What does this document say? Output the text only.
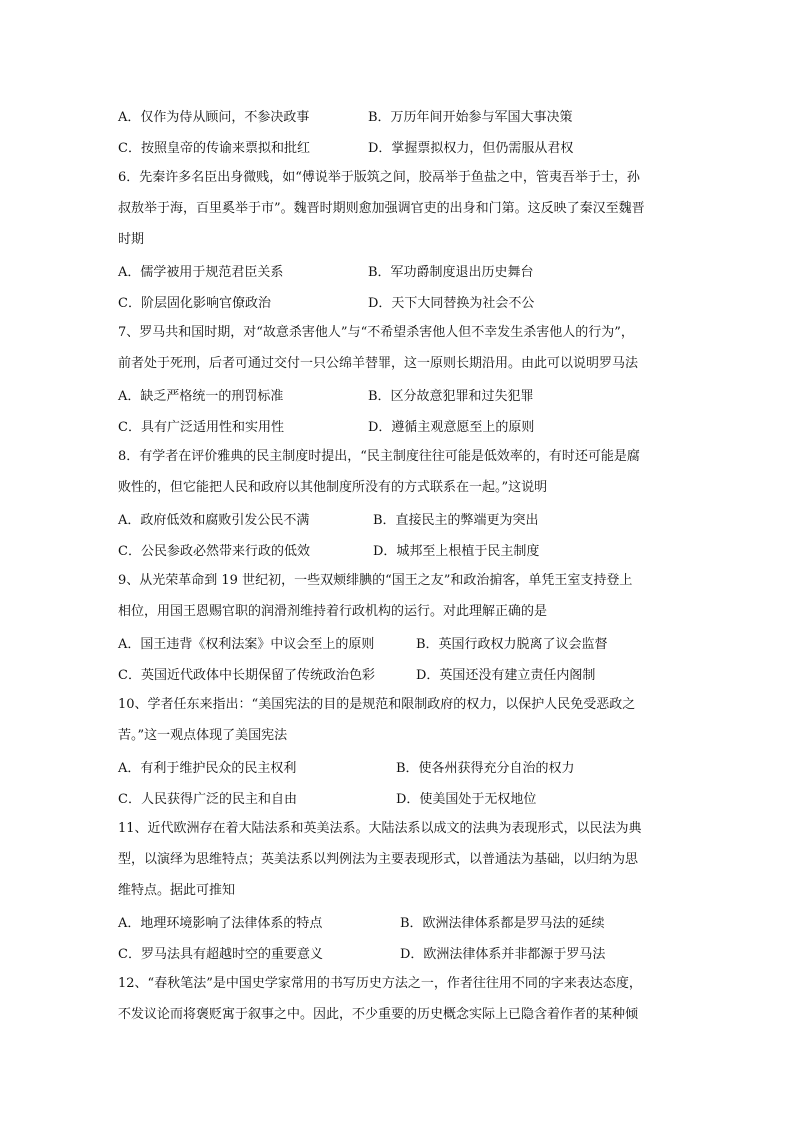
A．仅作为侍从顾问，不参决政事	B．万历年间开始参与军国大事决策
C．按照皇帝的传谕来票拟和批红	D．掌握票拟权力，但仍需服从君权
6．先秦许多名臣出身微贱，如“傅说举于版筑之间，胶鬲举于鱼盐之中，管夷吾举于士，孙
叔敖举于海，百里奚举于市”。魏晋时期则愈加强调官吏的出身和门第。这反映了秦汉至魏晋
时期
A．儒学被用于规范君臣关系	B．军功爵制度退出历史舞台
C．阶层固化影响官僚政治	D．天下大同替换为社会不公
7、罗马共和国时期，对“故意杀害他人”与“不希望杀害他人但不幸发生杀害他人的行为”，
前者处于死刑，后者可通过交付一只公绵羊替罪，这一原则长期沿用。由此可以说明罗马法
A．缺乏严格统一的刑罚标准	B．区分故意犯罪和过失犯罪
C．具有广泛适用性和实用性	D．遵循主观意愿至上的原则
8．有学者在评价雅典的民主制度时提出，“民主制度往往可能是低效率的，有时还可能是腐
败性的，但它能把人民和政府以其他制度所没有的方式联系在一起。”这说明
A．政府低效和腐败引发公民不满	B．直接民主的弊端更为突出
C．公民参政必然带来行政的低效	D．城邦至上根植于民主制度
9、从光荣革命到 19 世纪初，一些双颊绯腆的“国王之友”和政治掮客，单凭王室支持登上
相位，用国王恩赐官职的润滑剂维持着行政机构的运行。对此理解正确的是
A．国王违背《权利法案》中议会至上的原则	B．英国行政权力脱离了议会监督
C．英国近代政体中长期保留了传统政治色彩	D．英国还没有建立责任内阁制
10、学者任东来指出：“美国宪法的目的是规范和限制政府的权力，以保护人民免受恶政之
苦。”这一观点体现了美国宪法
A．有利于维护民众的民主权利	B．使各州获得充分自治的权力
C．人民获得广泛的民主和自由	D．使美国处于无权地位
11、近代欧洲存在着大陆法系和英美法系。大陆法系以成文的法典为表现形式，以民法为典
型，以演绎为思维特点；英美法系以判例法为主要表现形式，以普通法为基础，以归纳为思
维特点。据此可推知
A．地理环境影响了法律体系的特点	B．欧洲法律体系都是罗马法的延续
C．罗马法具有超越时空的重要意义	D．欧洲法律体系并非都源于罗马法
12、“春秋笔法”是中国史学家常用的书写历史方法之一，作者往往用不同的字来表达态度，
不发议论而将褒贬寓于叙事之中。因此，不少重要的历史概念实际上已隐含着作者的某种倾
